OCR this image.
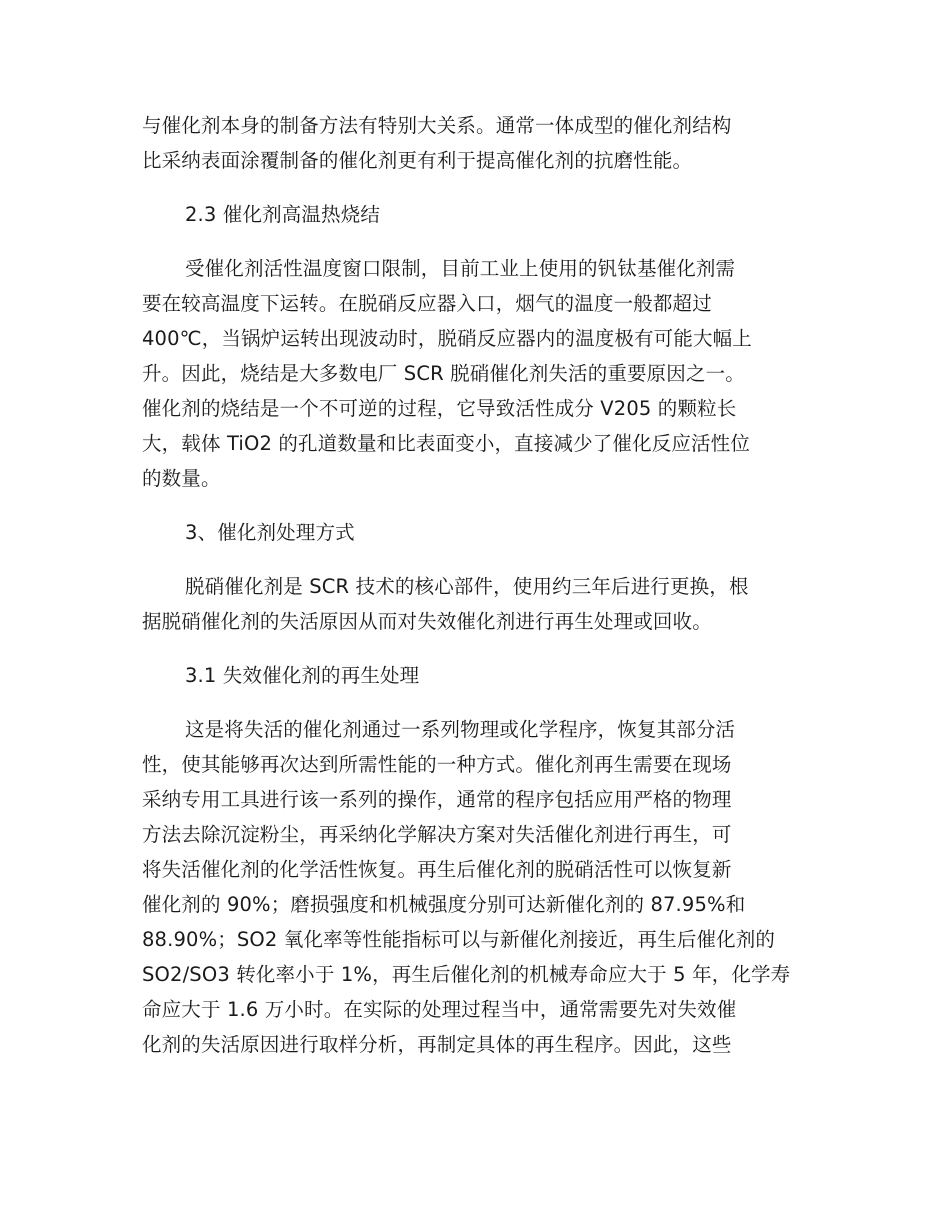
与催化剂本身的制备方法有特别大关系。通常一体成型的催化剂结构
比采纳表面涂覆制备的催化剂更有利于提高催化剂的抗磨性能。
2.3 催化剂高温热烧结
受催化剂活性温度窗口限制，目前工业上使用的钒钛基催化剂需
要在较高温度下运转。在脱硝反应器入口，烟气的温度一般都超过
400℃，当锅炉运转出现波动时，脱硝反应器内的温度极有可能大幅上
升。因此，烧结是大多数电厂 SCR 脱硝催化剂失活的重要原因之一。
催化剂的烧结是一个不可逆的过程，它导致活性成分 V205 的颗粒长
大，载体 TiO2 的孔道数量和比表面变小，直接减少了催化反应活性位
的数量。
3、催化剂处理方式
脱硝催化剂是 SCR 技术的核心部件，使用约三年后进行更换，根
据脱硝催化剂的失活原因从而对失效催化剂进行再生处理或回收。
3.1 失效催化剂的再生处理
这是将失活的催化剂通过一系列物理或化学程序，恢复其部分活
性，使其能够再次达到所需性能的一种方式。催化剂再生需要在现场
采纳专用工具进行该一系列的操作，通常的程序包括应用严格的物理
方法去除沉淀粉尘，再采纳化学解决方案对失活催化剂进行再生，可
将失活催化剂的化学活性恢复。再生后催化剂的脱硝活性可以恢复新
催化剂的 90%；磨损强度和机械强度分别可达新催化剂的 87.95%和
88.90%；SO2 氧化率等性能指标可以与新催化剂接近，再生后催化剂的
SO2/SO3 转化率小于 1%，再生后催化剂的机械寿命应大于 5 年，化学寿
命应大于 1.6 万小时。在实际的处理过程当中，通常需要先对失效催
化剂的失活原因进行取样分析，再制定具体的再生程序。因此，这些
